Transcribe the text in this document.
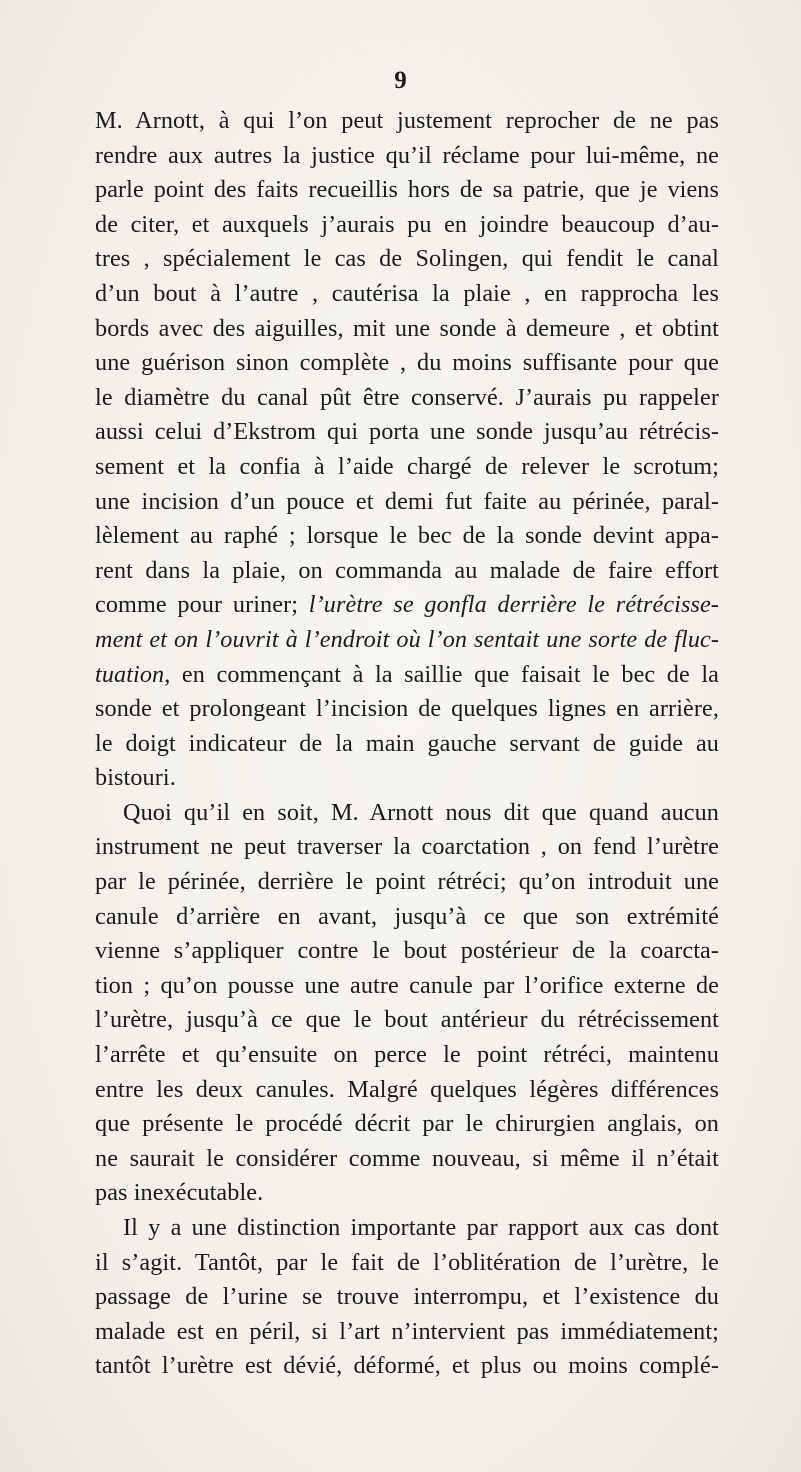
9
M. Arnott, à qui l’on peut justement reprocher de ne pas
rendre aux autres la justice qu’il réclame pour lui-même, ne
parle point des faits recueillis hors de sa patrie, que je viens
de citer, et auxquels j’aurais pu en joindre beaucoup d’au-
tres , spécialement le cas de Solingen, qui fendit le canal
d’un bout à l’autre , cautérisa la plaie , en rapprocha les
bords avec des aiguilles, mit une sonde à demeure , et obtint
une guérison sinon complète , du moins suffisante pour que
le diamètre du canal pût être conservé. J’aurais pu rappeler
aussi celui d’Ekstrom qui porta une sonde jusqu’au rétrécis-
sement et la confia à l’aide chargé de relever le scrotum;
une incision d’un pouce et demi fut faite au périnée, paral-
lèlement au raphé ; lorsque le bec de la sonde devint appa-
rent dans la plaie, on commanda au malade de faire effort
comme pour uriner; l’urètre se gonfla derrière le rétrécisse-
ment et on l’ouvrit à l’endroit où l’on sentait une sorte de fluc-
tuation, en commençant à la saillie que faisait le bec de la
sonde et prolongeant l’incision de quelques lignes en arrière,
le doigt indicateur de la main gauche servant de guide au
bistouri.
Quoi qu’il en soit, M. Arnott nous dit que quand aucun
instrument ne peut traverser la coarctation , on fend l’urètre
par le périnée, derrière le point rétréci; qu’on introduit une
canule d’arrière en avant, jusqu’à ce que son extrémité
vienne s’appliquer contre le bout postérieur de la coarcta-
tion ; qu’on pousse une autre canule par l’orifice externe de
l’urètre, jusqu’à ce que le bout antérieur du rétrécissement
l’arrête et qu’ensuite on perce le point rétréci, maintenu
entre les deux canules. Malgré quelques légères différences
que présente le procédé décrit par le chirurgien anglais, on
ne saurait le considérer comme nouveau, si même il n’était
pas inexécutable.
Il y a une distinction importante par rapport aux cas dont
il s’agit. Tantôt, par le fait de l’oblitération de l’urètre, le
passage de l’urine se trouve interrompu, et l’existence du
malade est en péril, si l’art n’intervient pas immédiatement;
tantôt l’urètre est dévié, déformé, et plus ou moins complé-
